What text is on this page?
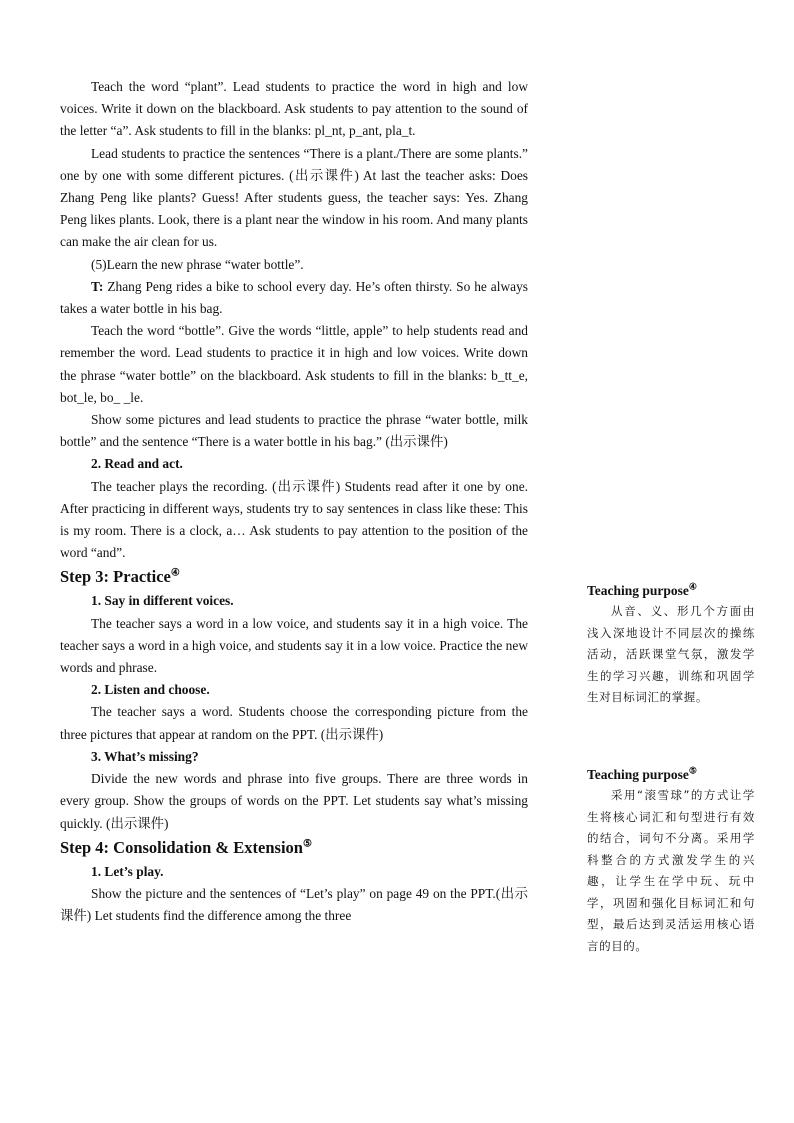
Teach the word “plant”. Lead students to practice the word in high and low voices. Write it down on the blackboard. Ask students to pay attention to the sound of the letter “a”. Ask students to fill in the blanks: pl_nt, p_ant, pla_t.

Lead students to practice the sentences “There is a plant./There are some plants.” one by one with some different pictures. (出示课件) At last the teacher asks: Does Zhang Peng like plants? Guess! After students guess, the teacher says: Yes. Zhang Peng likes plants. Look, there is a plant near the window in his room. And many plants can make the air clean for us.

(5)Learn the new phrase “water bottle”.

T: Zhang Peng rides a bike to school every day. He’s often thirsty. So he always takes a water bottle in his bag.

Teach the word “bottle”. Give the words “little, apple” to help students read and remember the word. Lead students to practice it in high and low voices. Write down the phrase “water bottle” on the blackboard. Ask students to fill in the blanks: b_tt_e, bot_le, bo_ _le.

Show some pictures and lead students to practice the phrase “water bottle, milk bottle” and the sentence “There is a water bottle in his bag.” (出示课件)

2. Read and act.

The teacher plays the recording. (出示课件) Students read after it one by one. After practicing in different ways, students try to say sentences in class like these: This is my room. There is a clock, a… Ask students to pay attention to the position of the word “and”.

Step 3: Practice④

1. Say in different voices.

The teacher says a word in a low voice, and students say it in a high voice. The teacher says a word in a high voice, and students say it in a low voice. Practice the new words and phrase.

2. Listen and choose.

The teacher says a word. Students choose the corresponding picture from the three pictures that appear at random on the PPT. (出示课件)

3. What’s missing?

Divide the new words and phrase into five groups. There are three words in every group. Show the groups of words on the PPT. Let students say what’s missing quickly. (出示课件)

Step 4: Consolidation & Extension⑤

1. Let’s play.

Show the picture and the sentences of “Let’s play” on page 49 on the PPT.(出示课件) Let students find the difference among the three

Teaching purpose④
从音、义、形几个方面由浅入深地设计不同层次的操练活动，活跃课堂气氛，激发学生的学习兴趣，训练和巩固学生对目标词汇的掌握。
Teaching purpose⑤
采用“滚雪球”的方式让学生将核心词汇和句型进行有效的结合，词句不分离。采用学科整合的方式激发学生的兴趣，让学生在学中玩、玩中学，巩固和强化目标词汇和句型，最后达到灵活运用核心语言的目的。
